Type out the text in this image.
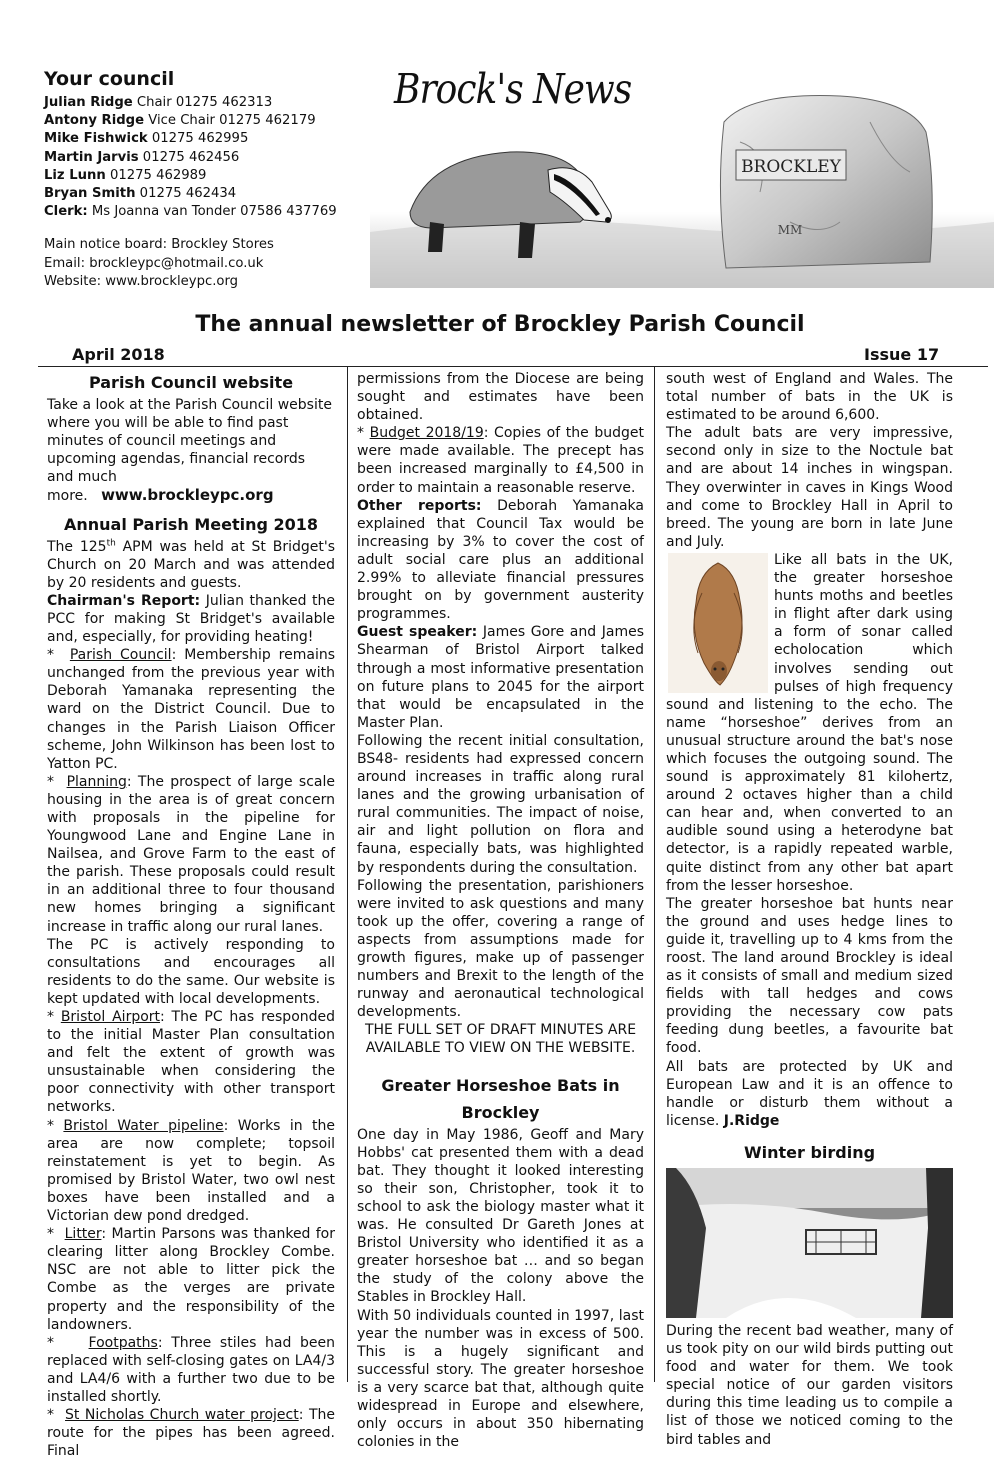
Your council
Julian Ridge Chair 01275 462313
Antony Ridge Vice Chair 01275 462179
Mike Fishwick 01275 462995
Martin Jarvis 01275 462456
Liz Lunn 01275 462989
Bryan Smith 01275 462434
Clerk: Ms Joanna van Tonder 07586 437769
Main notice board: Brockley Stores
Email: brockleypc@hotmail.co.uk
Website: www.brockleypc.org
BROCKLEY
MM
Brock's News
The annual newsletter of Brockley Parish Council
April 2018	Issue 17
Parish Council website

Take a look at the Parish Council website where you will be able to find past minutes of council meetings and upcoming agendas, financial records and much more. www.brockleypc.org

Annual Parish Meeting 2018

The 125th APM was held at St Bridget's Church on 20 March and was attended by 20 residents and guests.

Chairman's Report: Julian thanked the PCC for making St Bridget's available and, especially, for providing heating!

*  Parish Council: Membership remains unchanged from the previous year with Deborah Yamanaka representing the ward on the District Council. Due to changes in the Parish Liaison Officer scheme, John Wilkinson has been lost to Yatton PC.

*  Planning: The prospect of large scale housing in the area is of great concern with proposals in the pipeline for Youngwood Lane and Engine Lane in Nailsea, and Grove Farm to the east of the parish. These proposals could result in an additional three to four thousand new homes bringing a significant increase in traffic along our rural lanes.

The PC is actively responding to consultations and encourages all residents to do the same. Our website is kept updated with local developments.

* Bristol Airport: The PC has responded to the initial Master Plan consultation and felt the extent of growth was unsustainable when considering the poor connectivity with other transport networks.

* Bristol Water pipeline: Works in the area are now complete; topsoil reinstatement is yet to begin. As promised by Bristol Water, two owl nest boxes have been installed and a Victorian dew pond dredged.

*  Litter: Martin Parsons was thanked for clearing litter along Brockley Combe. NSC are not able to litter pick the Combe as the verges are private property and the responsibility of the landowners.

*    Footpaths: Three stiles had been replaced with self-closing gates on LA4/3 and LA4/6 with a further two due to be installed shortly.

*  St Nicholas Church water project: The route for the pipes has been agreed. Final

permissions from the Diocese are being sought and estimates have been obtained.

* Budget 2018/19: Copies of the budget were made available. The precept has been increased marginally to £4,500 in order to maintain a reasonable reserve.

Other reports: Deborah Yamanaka explained that Council Tax would be increasing by 3% to cover the cost of adult social care plus an additional 2.99% to alleviate financial pressures brought on by government austerity programmes.

Guest speaker: James Gore and James Shearman of Bristol Airport talked through a most informative presentation on future plans to 2045 for the airport that would be encapsulated in the Master Plan.

Following the recent initial consultation, BS48- residents had expressed concern around increases in traffic along rural lanes and the growing urbanisation of rural communities. The impact of noise, air and light pollution on flora and fauna, especially bats, was highlighted by respondents during the consultation.

Following the presentation, parishioners were invited to ask questions and many took up the offer, covering a range of aspects from assumptions made for growth figures, make up of passenger numbers and Brexit to the length of the runway and aeronautical technological developments.

THE FULL SET OF DRAFT MINUTES ARE AVAILABLE TO VIEW ON THE WEBSITE.

Greater Horseshoe Bats in Brockley

One day in May 1986, Geoff and Mary Hobbs' cat presented them with a dead bat. They thought it looked interesting so their son, Christopher, took it to school to ask the biology master what it was. He consulted Dr Gareth Jones at Bristol University who identified it as a greater horseshoe bat … and so began the study of the colony above the Stables in Brockley Hall.

With 50 individuals counted in 1997, last year the number was in excess of 500. This is a hugely significant and successful story. The greater horseshoe is a very scarce bat that, although quite widespread in Europe and elsewhere, only occurs in about 350 hibernating colonies in the

south west of England and Wales. The total number of bats in the UK is estimated to be around 6,600.

The adult bats are very impressive, second only in size to the Noctule bat and are about 14 inches in wingspan. They overwinter in caves in Kings Wood and come to Brockley Hall in April to breed. The young are born in late June and July.

Like all bats in the UK, the greater horseshoe hunts moths and beetles in flight after dark using a form of sonar called echolocation which involves sending out pulses of high frequency sound and listening to the echo. The name “horseshoe” derives from an unusual structure around the bat's nose which focuses the outgoing sound. The sound is approximately 81 kilohertz, around 2 octaves higher than a child can hear and, when converted to an audible sound using a heterodyne bat detector, is a rapidly repeated warble, quite distinct from any other bat apart from the lesser horseshoe.

The greater horseshoe bat hunts near the ground and uses hedge lines to guide it, travelling up to 4 kms from the roost. The land around Brockley is ideal as it consists of small and medium sized fields with tall hedges and cows providing the necessary cow pats feeding dung beetles, a favourite bat food.

All bats are protected by UK and European Law and it is an offence to handle or disturb them without a license. J.Ridge

Winter birding

During the recent bad weather, many of us took pity on our wild birds putting out food and water for them. We took special notice of our garden visitors during this time leading us to compile a list of those we noticed coming to the bird tables and
